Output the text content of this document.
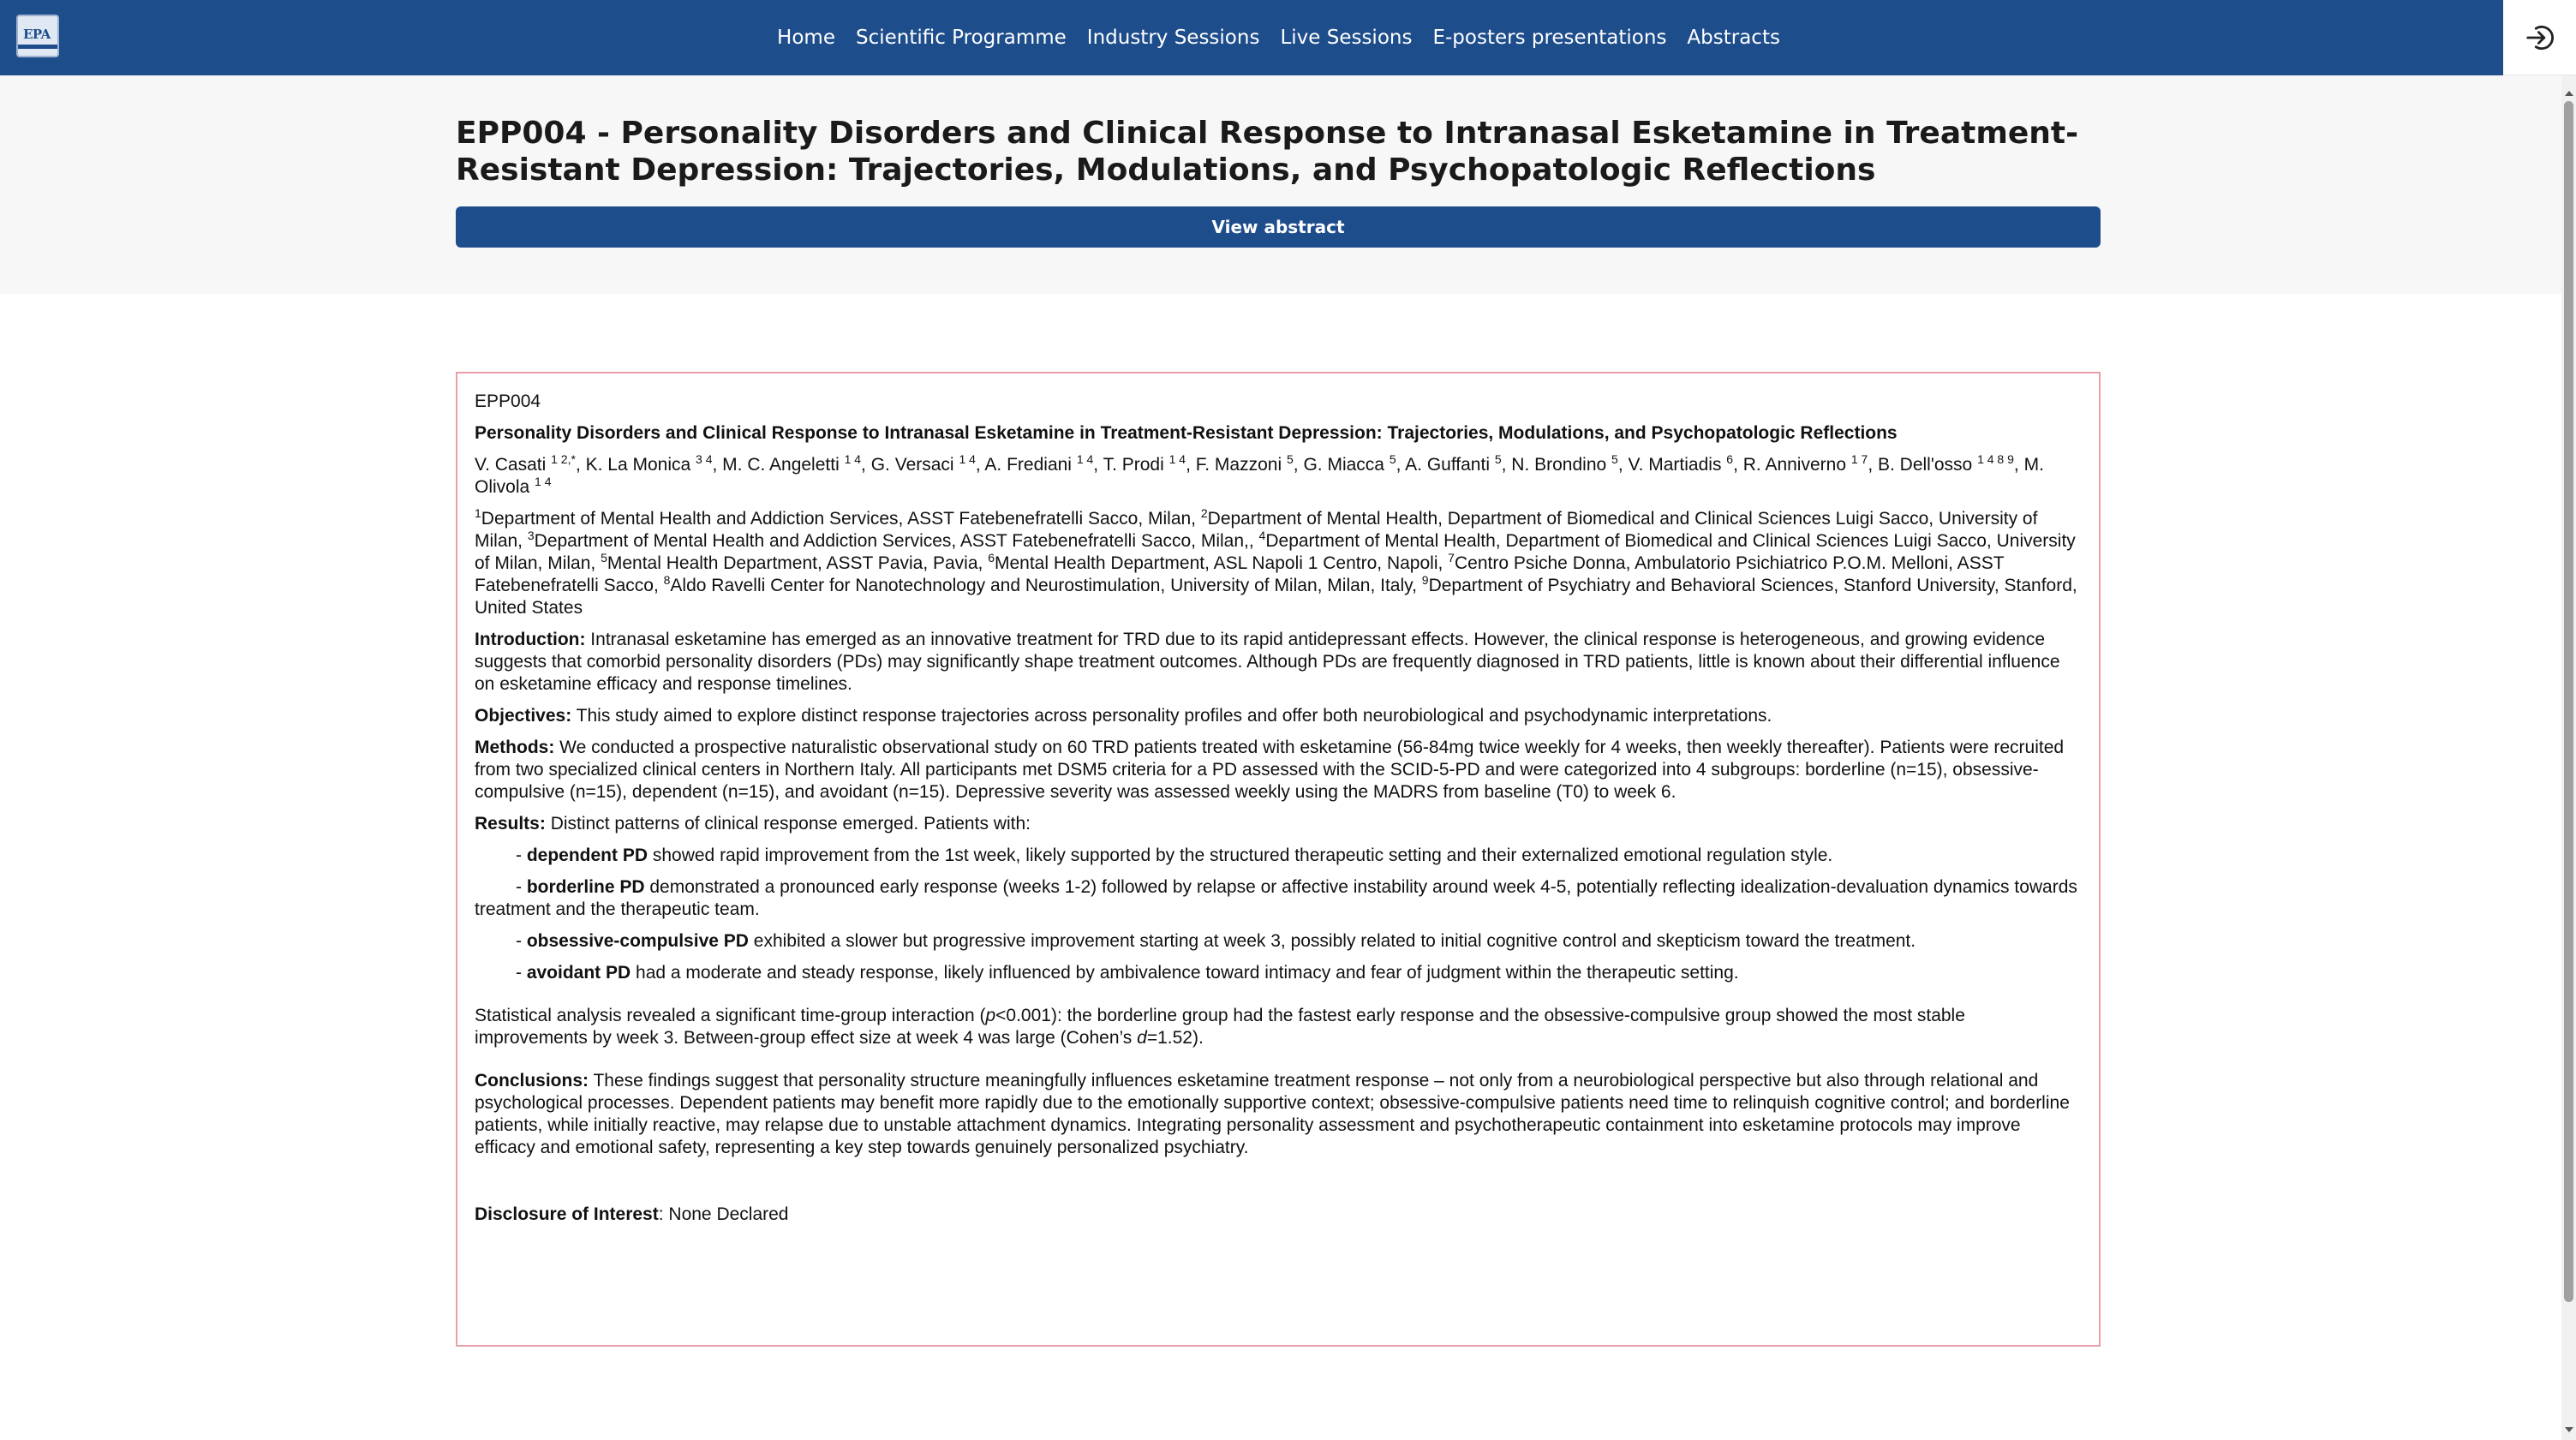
EPA	Home Scientific Programme Industry Sessions Live Sessions E-posters presentations Abstracts
EPP004 - Personality Disorders and Clinical Response to Intranasal Esketamine in Treatment-Resistant Depression: Trajectories, Modulations, and Psychopatologic Reflections
View abstract

EPP004

Personality Disorders and Clinical Response to Intranasal Esketamine in Treatment-Resistant Depression: Trajectories, Modulations, and Psychopatologic Reflections

V. Casati $^{1 2,*}$, K. La Monica $^{3 4}$, M. C. Angeletti $^{1 4}$, G. Versaci $^{1 4}$, A. Frediani $^{1 4}$, T. Prodi $^{1 4}$, F. Mazzoni $^5$, G. Miacca $^5$, A. Guffanti $^5$, N. Brondino $^5$, V. Martiadis $^6$, R. Anniverno $^{1 7}$, B. Dell'osso $^{1 4 8 9}$, M. Olivola $^{1 4}$

$^1$Department of Mental Health and Addiction Services, ASST Fatebenefratelli Sacco, Milan, $^2$Department of Mental Health, Department of Biomedical and Clinical Sciences Luigi Sacco, University of Milan, $^3$Department of Mental Health and Addiction Services, ASST Fatebenefratelli Sacco, Milan,, $^4$Department of Mental Health, Department of Biomedical and Clinical Sciences Luigi Sacco, University of Milan, Milan, $^5$Mental Health Department, ASST Pavia, Pavia, $^6$Mental Health Department, ASL Napoli 1 Centro, Napoli, $^7$Centro Psiche Donna, Ambulatorio Psichiatrico P.O.M. Melloni, ASST Fatebenefratelli Sacco, $^8$Aldo Ravelli Center for Nanotechnology and Neurostimulation, University of Milan, Milan, Italy, $^9$Department of Psychiatry and Behavioral Sciences, Stanford University, Stanford, United States

Introduction: Intranasal esketamine has emerged as an innovative treatment for TRD due to its rapid antidepressant effects. However, the clinical response is heterogeneous, and growing evidence suggests that comorbid personality disorders (PDs) may significantly shape treatment outcomes. Although PDs are frequently diagnosed in TRD patients, little is known about their differential influence on esketamine efficacy and response timelines.

Objectives: This study aimed to explore distinct response trajectories across personality profiles and offer both neurobiological and psychodynamic interpretations.

Methods: We conducted a prospective naturalistic observational study on 60 TRD patients treated with esketamine (56-84mg twice weekly for 4 weeks, then weekly thereafter). Patients were recruited from two specialized clinical centers in Northern Italy. All participants met DSM5 criteria for a PD assessed with the SCID-5-PD and were categorized into 4 subgroups: borderline (n=15), obsessive-compulsive (n=15), dependent (n=15), and avoidant (n=15). Depressive severity was assessed weekly using the MADRS from baseline (T0) to week 6.

Results: Distinct patterns of clinical response emerged. Patients with:

- dependent PD showed rapid improvement from the 1st week, likely supported by the structured therapeutic setting and their externalized emotional regulation style.

- borderline PD demonstrated a pronounced early response (weeks 1-2) followed by relapse or affective instability around week 4-5, potentially reflecting idealization-devaluation dynamics towards treatment and the therapeutic team.

- obsessive-compulsive PD exhibited a slower but progressive improvement starting at week 3, possibly related to initial cognitive control and skepticism toward the treatment.

- avoidant PD had a moderate and steady response, likely influenced by ambivalence toward intimacy and fear of judgment within the therapeutic setting.

Statistical analysis revealed a significant time-group interaction (p<0.001): the borderline group had the fastest early response and the obsessive-compulsive group showed the most stable improvements by week 3. Between-group effect size at week 4 was large (Cohen’s d=1.52).

Conclusions: These findings suggest that personality structure meaningfully influences esketamine treatment response – not only from a neurobiological perspective but also through relational and psychological processes. Dependent patients may benefit more rapidly due to the emotionally supportive context; obsessive-compulsive patients need time to relinquish cognitive control; and borderline patients, while initially reactive, may relapse due to unstable attachment dynamics. Integrating personality assessment and psychotherapeutic containment into esketamine protocols may improve efficacy and emotional safety, representing a key step towards genuinely personalized psychiatry.

Disclosure of Interest: None Declared
